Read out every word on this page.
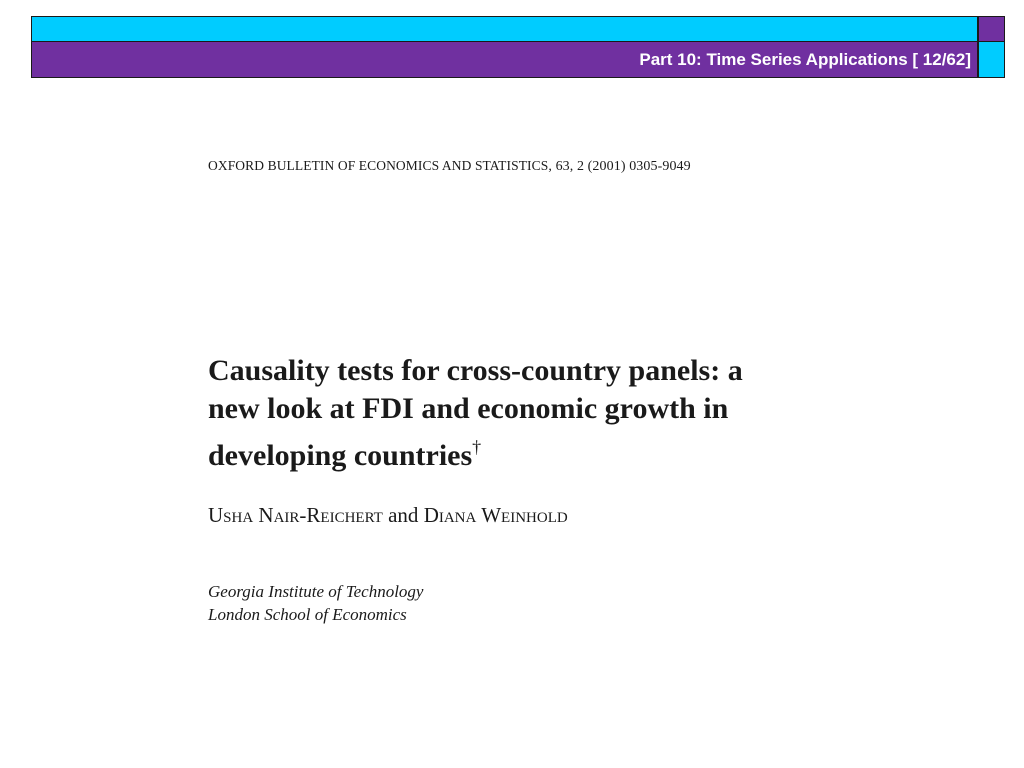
Part 10: Time Series Applications [ 12/62]
OXFORD BULLETIN OF ECONOMICS AND STATISTICS, 63, 2 (2001) 0305-9049
Causality tests for cross-country panels: a
new look at FDI and economic growth in
developing countries†
Usha Nair-Reichert and Diana Weinhold
Georgia Institute of Technology
London School of Economics
